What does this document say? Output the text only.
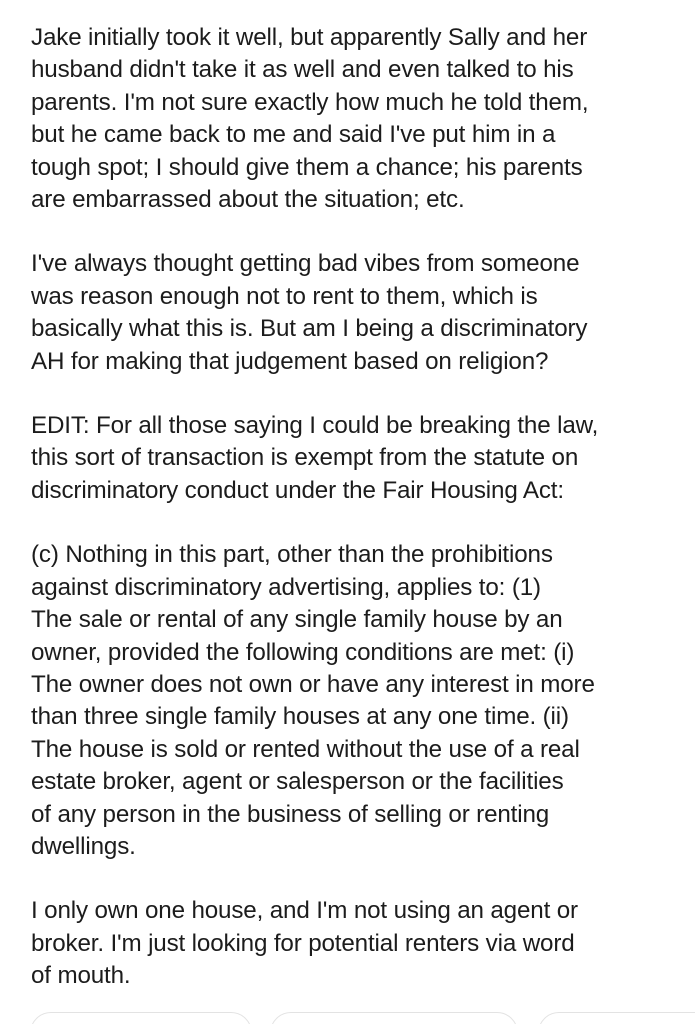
Jake initially took it well, but apparently Sally and her
husband didn't take it as well and even talked to his
parents. I'm not sure exactly how much he told them,
but he came back to me and said I've put him in a
tough spot; I should give them a chance; his parents
are embarrassed about the situation; etc.

I've always thought getting bad vibes from someone
was reason enough not to rent to them, which is
basically what this is. But am I being a discriminatory
AH for making that judgement based on religion?

EDIT: For all those saying I could be breaking the law,
this sort of transaction is exempt from the statute on
discriminatory conduct under the Fair Housing Act:

(c) Nothing in this part, other than the prohibitions
against discriminatory advertising, applies to: (1)
The sale or rental of any single family house by an
owner, provided the following conditions are met: (i)
The owner does not own or have any interest in more
than three single family houses at any one time. (ii)
The house is sold or rented without the use of a real
estate broker, agent or salesperson or the facilities
of any person in the business of selling or renting
dwellings.

I only own one house, and I'm not using an agent or
broker. I'm just looking for potential renters via word
of mouth.
